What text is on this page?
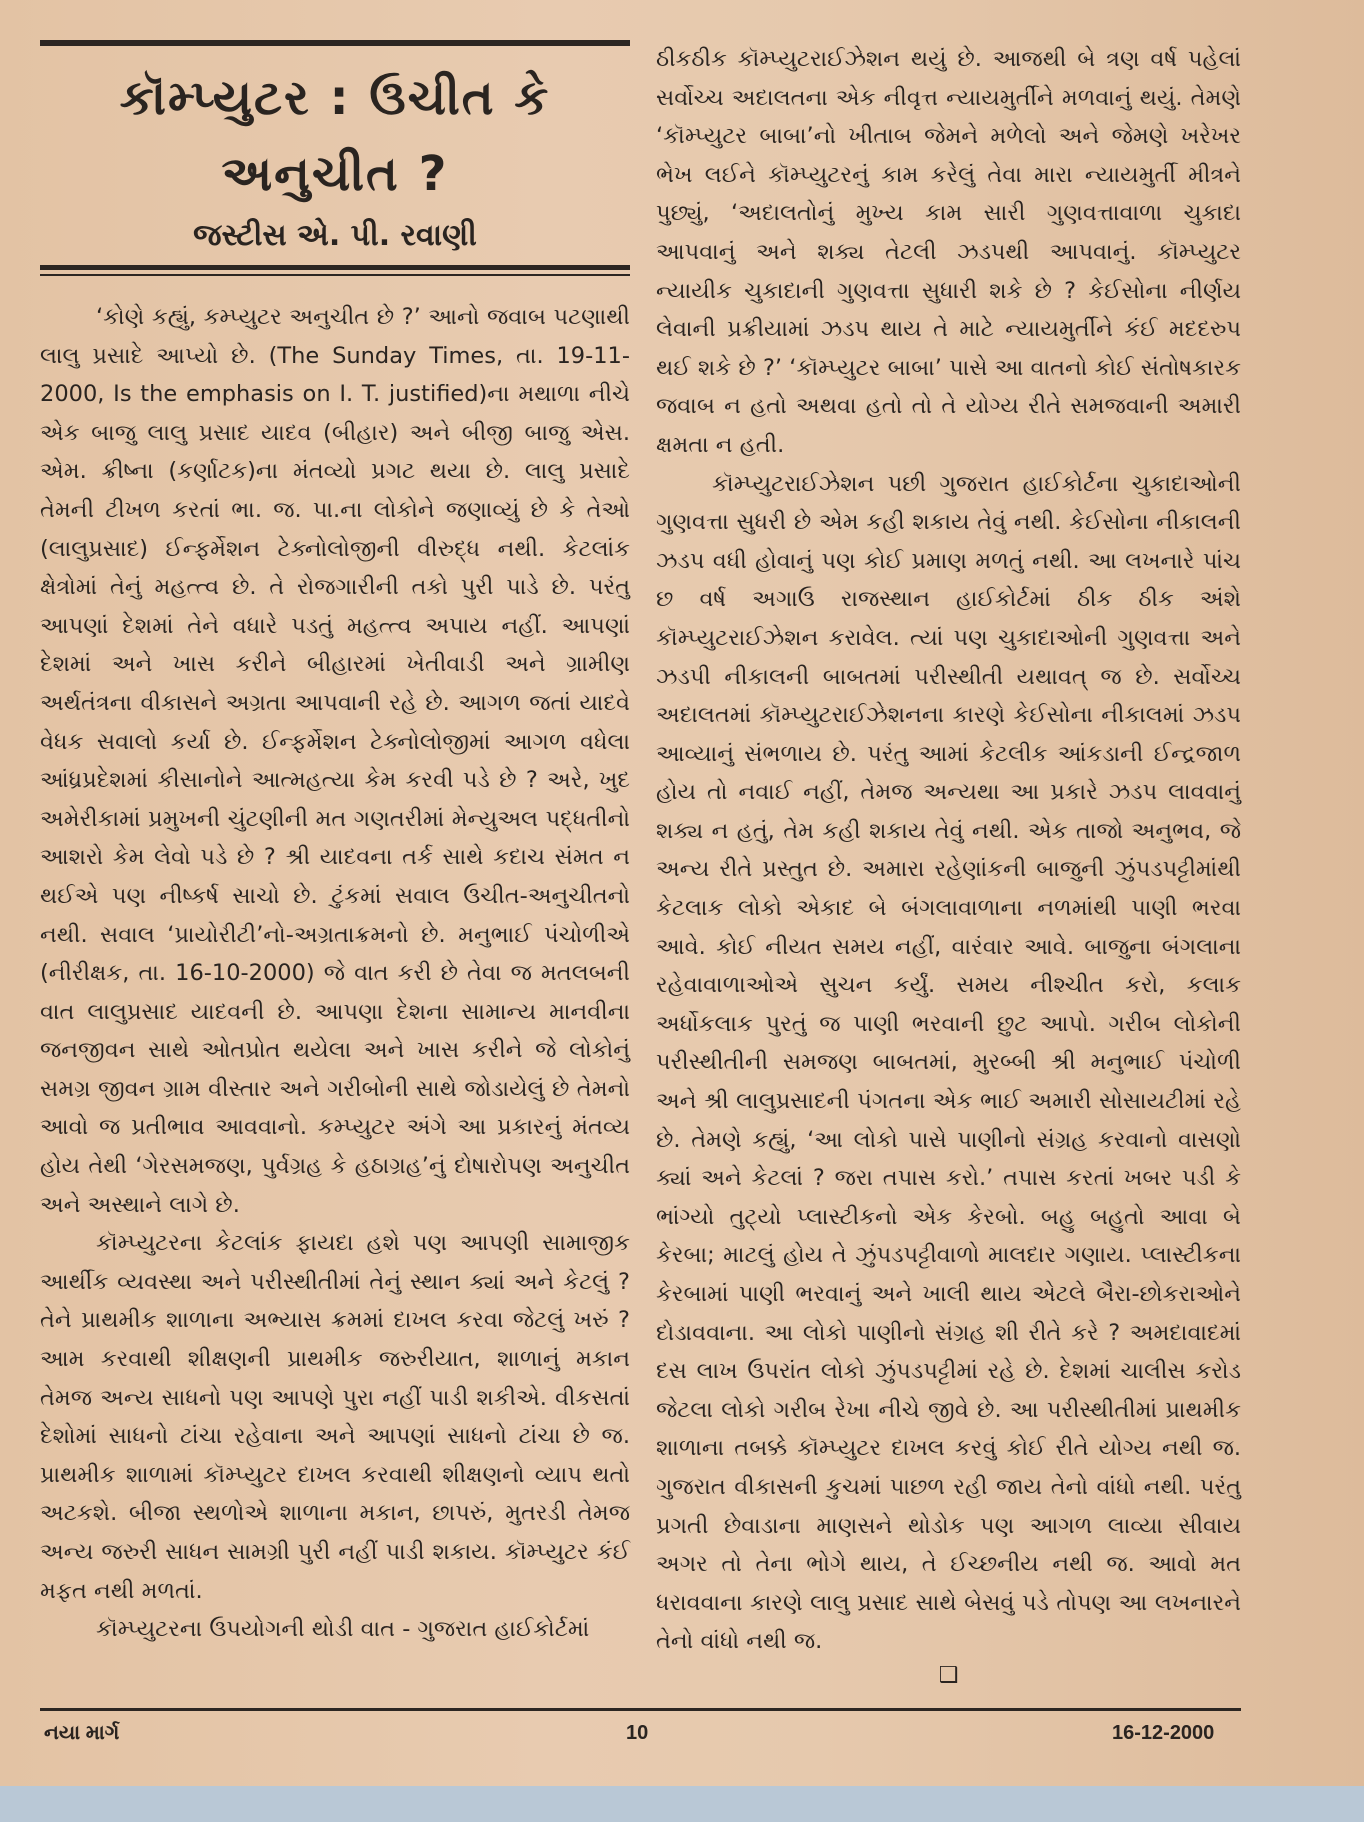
કૉમ્પ્યુટર : ઉચીત કે
અનુચીત ?
જસ્ટીસ એ. પી. રવાણી

‘કોણે કહ્યું, કમ્પ્યુટર અનુચીત છે ?’ આનો જવાબ પટણાથી લાલુ પ્રસાદે આપ્યો છે. (The Sunday Times, તા. 19-11-2000, Is the emphasis on I. T. justified)ના મથાળા નીચે એક બાજુ લાલુ પ્રસાદ યાદવ (બીહાર) અને બીજી બાજુ એસ. એમ. ક્રીષ્ના (કર્ણાટક)ના મંતવ્યો પ્રગટ થયા છે. લાલુ પ્રસાદે તેમની ટીખળ કરતાં ભા. જ. પા.ના લોકોને જણાવ્યું છે કે તેઓ (લાલુપ્રસાદ) ઈન્ફર્મેશન ટેક્નોલોજીની વીરુદ્ધ નથી. કેટલાંક ક્ષેત્રોમાં તેનું મહત્ત્વ છે. તે રોજગારીની તકો પુરી પાડે છે. પરંતુ આપણાં દેશમાં તેને વધારે પડતું મહત્ત્વ અપાય નહીં. આપણાં દેશમાં અને ખાસ કરીને બીહારમાં ખેતીવાડી અને ગ્રામીણ અર્થતંત્રના વીકાસને અગ્રતા આપવાની રહે છે. આગળ જતાં યાદવે વેધક સવાલો કર્યા છે. ઈન્ફર્મેશન ટેક્નોલોજીમાં આગળ વધેલા આંધ્રપ્રદેશમાં કીસાનોને આત્મહત્યા કેમ કરવી પડે છે ? અરે, ખુદ અમેરીકામાં પ્રમુખની ચુંટણીની મત ગણતરીમાં મેન્યુઅલ પદ્ધતીનો આશરો કેમ લેવો પડે છે ? શ્રી યાદવના તર્ક સાથે કદાચ સંમત ન થઈએ પણ નીષ્કર્ષ સાચો છે. ટુંકમાં સવાલ ઉચીત-અનુચીતનો નથી. સવાલ ‘પ્રાયોરીટી’નો-અગ્રતાક્રમનો છે. મનુભાઈ પંચોળીએ (નીરીક્ષક, તા. 16-10-2000) જે વાત કરી છે તેવા જ મતલબની વાત લાલુપ્રસાદ યાદવની છે. આપણા દેશના સામાન્ય માનવીના જનજીવન સાથે ઓતપ્રોત થયેલા અને ખાસ કરીને જે લોકોનું સમગ્ર જીવન ગ્રામ વીસ્તાર અને ગરીબોની સાથે જોડાયેલું છે તેમનો આવો જ પ્રતીભાવ આવવાનો. કમ્પ્યુટર અંગે આ પ્રકારનું મંતવ્ય હોય તેથી ‘ગેરસમજણ, પુર્વગ્રહ કે હઠાગ્રહ’નું દોષારોપણ અનુચીત અને અસ્થાને લાગે છે.

કૉમ્પ્યુટરના કેટલાંક ફાયદા હશે પણ આપણી સામાજીક આર્થીક વ્યવસ્થા અને પરીસ્થીતીમાં તેનું સ્થાન ક્યાં અને કેટલું ? તેને પ્રાથમીક શાળાના અભ્યાસ ક્રમમાં દાખલ કરવા જેટલું ખરું ? આમ કરવાથી શીક્ષણની પ્રાથમીક જરુરીયાત, શાળાનું મકાન તેમજ અન્ય સાધનો પણ આપણે પુરા નહીં પાડી શકીએ. વીકસતાં દેશોમાં સાધનો ટાંચા રહેવાના અને આપણાં સાધનો ટાંચા છે જ. પ્રાથમીક શાળામાં કૉમ્પ્યુટર દાખલ કરવાથી શીક્ષણનો વ્યાપ થતો અટકશે. બીજા સ્થળોએ શાળાના મકાન, છાપરું, મુતરડી તેમજ અન્ય જરુરી સાધન સામગ્રી પુરી નહીં પાડી શકાય. કૉમ્પ્યુટર કંઈ મફત નથી મળતાં.

કૉમ્પ્યુટરના ઉપયોગની થોડી વાત - ગુજરાત હાઈકોર્ટમાં

ઠીકઠીક કૉમ્પ્યુટરાઈઝેશન થયું છે. આજથી બે ત્રણ વર્ષ પહેલાં સર્વોચ્ચ અદાલતના એક નીવૃત્ત ન્યાયમુર્તીને મળવાનું થયું. તેમણે ‘કૉમ્પ્યુટર બાબા’નો ખીતાબ જેમને મળેલો અને જેમણે ખરેખર ભેખ લઈને કૉમ્પ્યુટરનું કામ કરેલું તેવા મારા ન્યાયમુર્તી મીત્રને પુછ્યું, ‘અદાલતોનું મુખ્ય કામ સારી ગુણવત્તાવાળા ચુકાદા આપવાનું અને શક્ય તેટલી ઝડપથી આપવાનું. કૉમ્પ્યુટર ન્યાયીક ચુકાદાની ગુણવત્તા સુધારી શકે છે ? કેઈસોના નીર્ણય લેવાની પ્રક્રીયામાં ઝડપ થાય તે માટે ન્યાયમુર્તીને કંઈ મદદરુપ થઈ શકે છે ?’ ‘કૉમ્પ્યુટર બાબા’ પાસે આ વાતનો કોઈ સંતોષકારક જવાબ ન હતો અથવા હતો તો તે યોગ્ય રીતે સમજવાની અમારી ક્ષમતા ન હતી.

કૉમ્પ્યુટરાઈઝેશન પછી ગુજરાત હાઈકોર્ટના ચુકાદાઓની ગુણવત્તા સુધરી છે એમ કહી શકાય તેવું નથી. કેઈસોના નીકાલની ઝડપ વધી હોવાનું પણ કોઈ પ્રમાણ મળતું નથી. આ લખનારે પાંચ છ વર્ષ અગાઉ રાજસ્થાન હાઈકોર્ટમાં ઠીક ઠીક અંશે કૉમ્પ્યુટરાઈઝેશન કરાવેલ. ત્યાં પણ ચુકાદાઓની ગુણવત્તા અને ઝડપી નીકાલની બાબતમાં પરીસ્થીતી યથાવત્ જ છે. સર્વોચ્ચ અદાલતમાં કૉમ્પ્યુટરાઈઝેશનના કારણે કેઈસોના નીકાલમાં ઝડપ આવ્યાનું સંભળાય છે. પરંતુ આમાં કેટલીક આંકડાની ઈન્દ્રજાળ હોય તો નવાઈ નહીં, તેમજ અન્યથા આ પ્રકારે ઝડપ લાવવાનું શક્ય ન હતું, તેમ કહી શકાય તેવું નથી. એક તાજો અનુભવ, જે અન્ય રીતે પ્રસ્તુત છે. અમારા રહેણાંકની બાજુની ઝુંપડપટ્ટીમાંથી કેટલાક લોકો એકાદ બે બંગલાવાળાના નળમાંથી પાણી ભરવા આવે. કોઈ નીયત સમય નહીં, વારંવાર આવે. બાજુના બંગલાના રહેવાવાળાઓએ સુચન કર્યું. સમય નીશ્ચીત કરો, કલાક અર્ધોકલાક પુરતું જ પાણી ભરવાની છુટ આપો. ગરીબ લોકોની પરીસ્થીતીની સમજણ બાબતમાં, મુરબ્બી શ્રી મનુભાઈ પંચોળી અને શ્રી લાલુપ્રસાદની પંગતના એક ભાઈ અમારી સોસાયટીમાં રહે છે. તેમણે કહ્યું, ‘આ લોકો પાસે પાણીનો સંગ્રહ કરવાનો વાસણો ક્યાં અને કેટલાં ? જરા તપાસ કરો.’ તપાસ કરતાં ખબર પડી કે ભાંગ્યો તુટ્યો પ્લાસ્ટીકનો એક કેરબો. બહુ બહુતો આવા બે કેરબા; માટલું હોય તે ઝુંપડપટ્ટીવાળો માલદાર ગણાય. પ્લાસ્ટીકના કેરબામાં પાણી ભરવાનું અને ખાલી થાય એટલે બૈરા-છોકરાઓને દોડાવવાના. આ લોકો પાણીનો સંગ્રહ શી રીતે કરે ? અમદાવાદમાં દસ લાખ ઉપરાંત લોકો ઝુંપડપટ્ટીમાં રહે છે. દેશમાં ચાલીસ કરોડ જેટલા લોકો ગરીબ રેખા નીચે જીવે છે. આ પરીસ્થીતીમાં પ્રાથમીક શાળાના તબક્કે કૉમ્પ્યુટર દાખલ કરવું કોઈ રીતે યોગ્ય નથી જ. ગુજરાત વીકાસની કુચમાં પાછળ રહી જાય તેનો વાંધો નથી. પરંતુ પ્રગતી છેવાડાના માણસને થોડોક પણ આગળ લાવ્યા સીવાય અગર તો તેના ભોગે થાય, તે ઈચ્છનીય નથી જ. આવો મત ધરાવવાના કારણે લાલુ પ્રસાદ સાથે બેસવું પડે તોપણ આ લખનારને તેનો વાંધો નથી જ.

❑
નયા માર્ગ	10	16-12-2000
